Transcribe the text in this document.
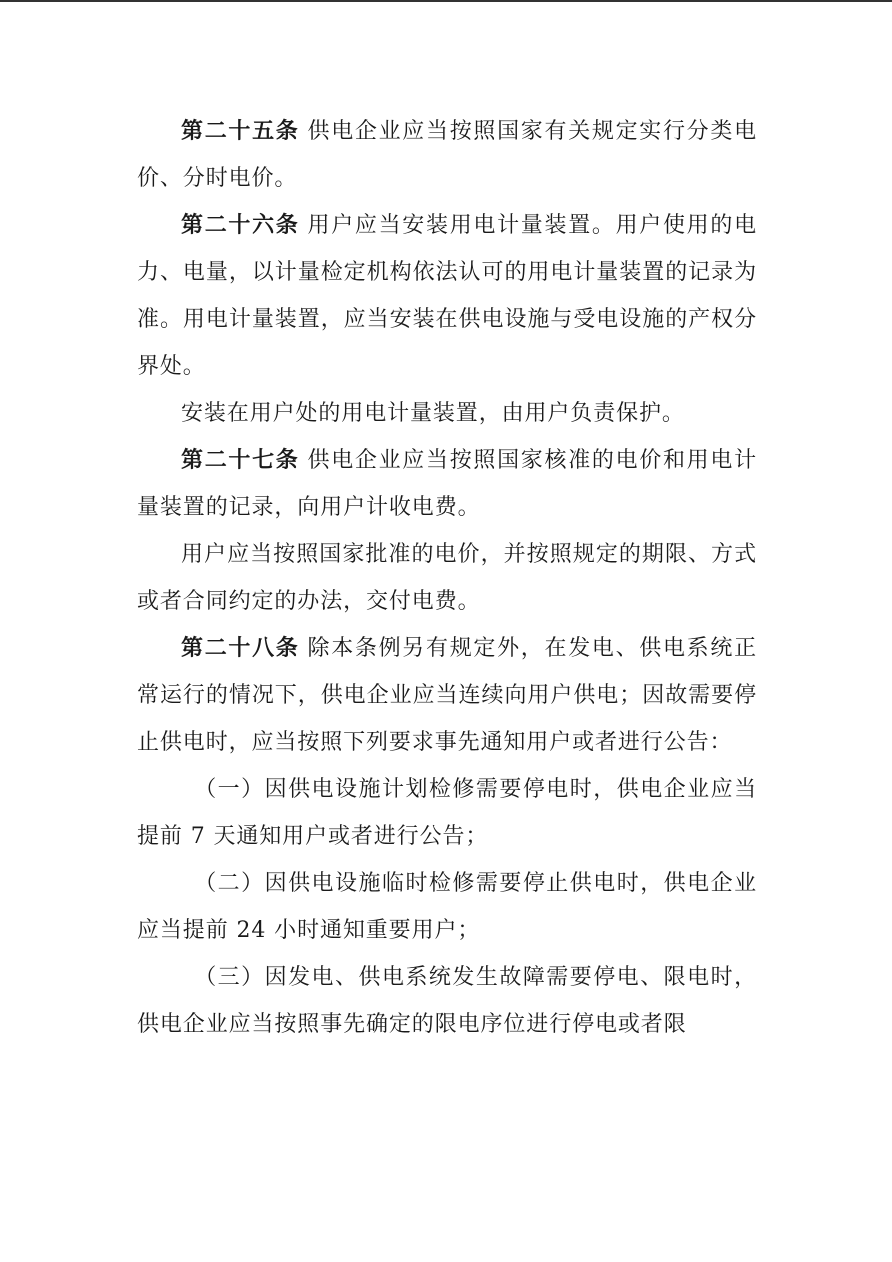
第二十五条 供电企业应当按照国家有关规定实行分类电价、分时电价。

第二十六条 用户应当安装用电计量装置。用户使用的电力、电量，以计量检定机构依法认可的用电计量装置的记录为准。用电计量装置，应当安装在供电设施与受电设施的产权分界处。

安装在用户处的用电计量装置，由用户负责保护。

第二十七条 供电企业应当按照国家核准的电价和用电计量装置的记录，向用户计收电费。

用户应当按照国家批准的电价，并按照规定的期限、方式或者合同约定的办法，交付电费。

第二十八条 除本条例另有规定外，在发电、供电系统正常运行的情况下，供电企业应当连续向用户供电；因故需要停止供电时，应当按照下列要求事先通知用户或者进行公告：

（一）因供电设施计划检修需要停电时，供电企业应当提前 7 天通知用户或者进行公告；

（二）因供电设施临时检修需要停止供电时，供电企业应当提前 24 小时通知重要用户；

（三）因发电、供电系统发生故障需要停电、限电时，供电企业应当按照事先确定的限电序位进行停电或者限
